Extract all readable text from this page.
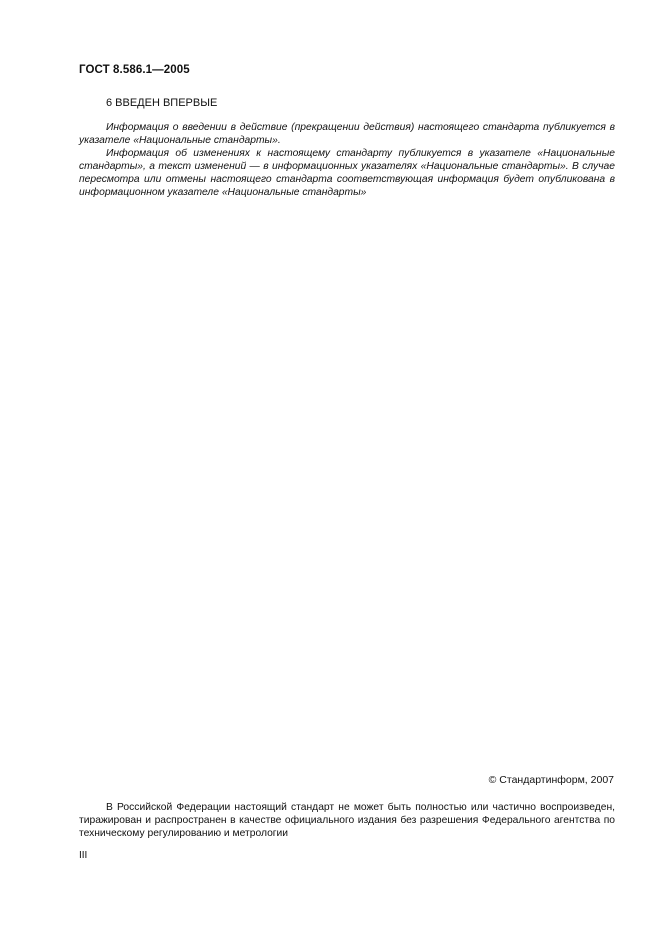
ГОСТ 8.586.1—2005
6 ВВЕДЕН ВПЕРВЫЕ

Информация о введении в действие (прекращении действия) настоящего стандарта публикуется в указателе «Национальные стандарты».

Информация об изменениях к настоящему стандарту публикуется в указателе «Национальные стандарты», а текст изменений — в информационных указателях «Национальные стандарты». В случае пересмотра или отмены настоящего стандарта соответствующая информация будет опубликована в информационном указателе «Национальные стандарты»

© Стандартинформ, 2007

В Российской Федерации настоящий стандарт не может быть полностью или частично воспроизведен, тиражирован и распространен в качестве официального издания без разрешения Федерального агентства по техническому регулированию и метрологии

III
